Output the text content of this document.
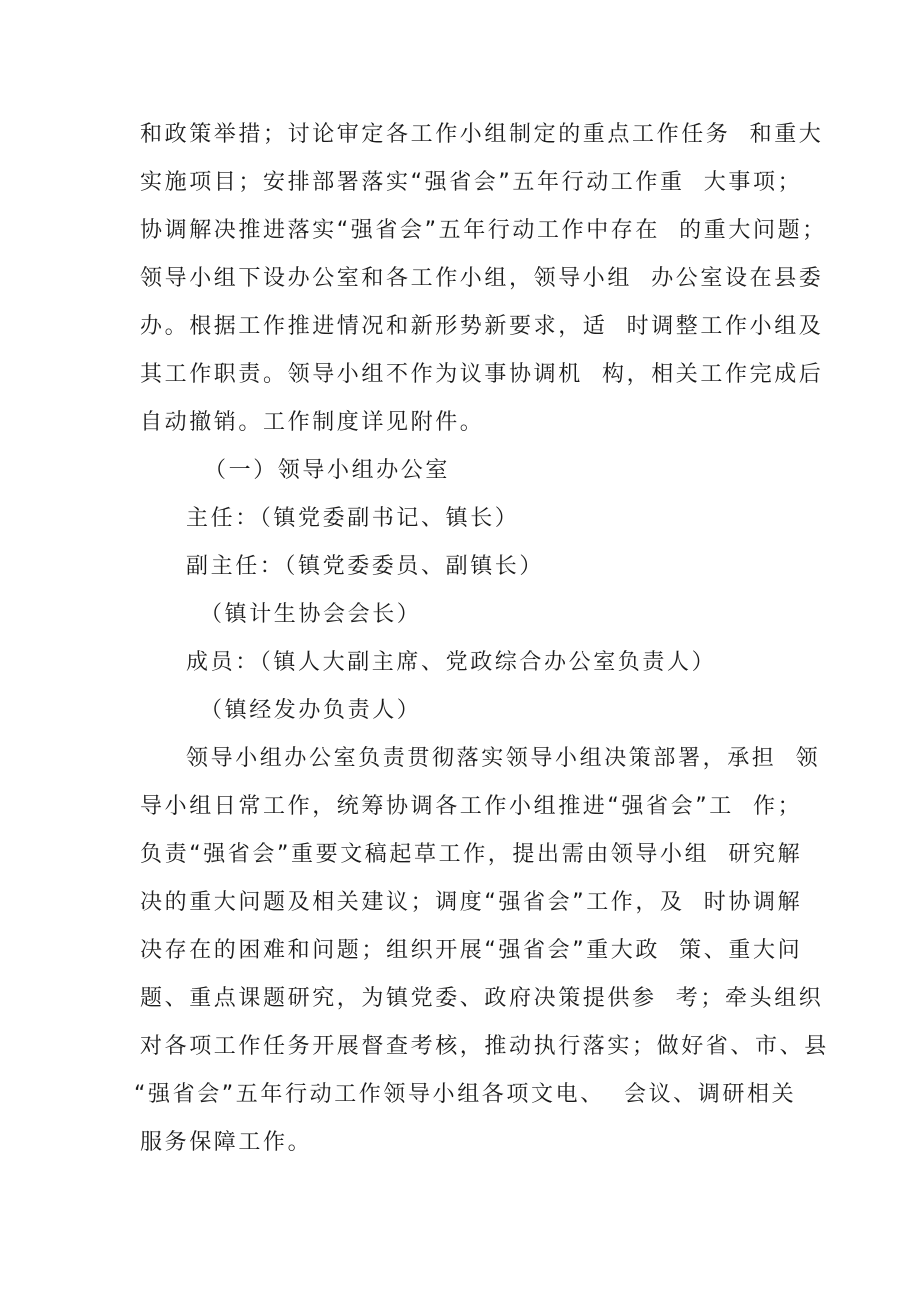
和政策举措；讨论审定各工作小组制定的重点工作任务  和重大
实施项目；安排部署落实“强省会”五年行动工作重  大事项；
协调解决推进落实“强省会”五年行动工作中存在  的重大问题；
领导小组下设办公室和各工作小组，领导小组  办公室设在县委
办。根据工作推进情况和新形势新要求，适  时调整工作小组及
其工作职责。领导小组不作为议事协调机  构，相关工作完成后
自动撤销。工作制度详见附件。
（一）领导小组办公室
主任：（镇党委副书记、镇长）
副主任：（镇党委委员、副镇长）
（镇计生协会会长）
成员：（镇人大副主席、党政综合办公室负责人）
（镇经发办负责人）
领导小组办公室负责贯彻落实领导小组决策部署，承担  领
导小组日常工作，统筹协调各工作小组推进“强省会”工  作；
负责“强省会”重要文稿起草工作，提出需由领导小组  研究解
决的重大问题及相关建议；调度“强省会”工作，及  时协调解
决存在的困难和问题；组织开展“强省会”重大政  策、重大问
题、重点课题研究，为镇党委、政府决策提供参  考；牵头组织
对各项工作任务开展督查考核，推动执行落实；做好省、市、县
“强省会”五年行动工作领导小组各项文电、  会议、调研相关
服务保障工作。
